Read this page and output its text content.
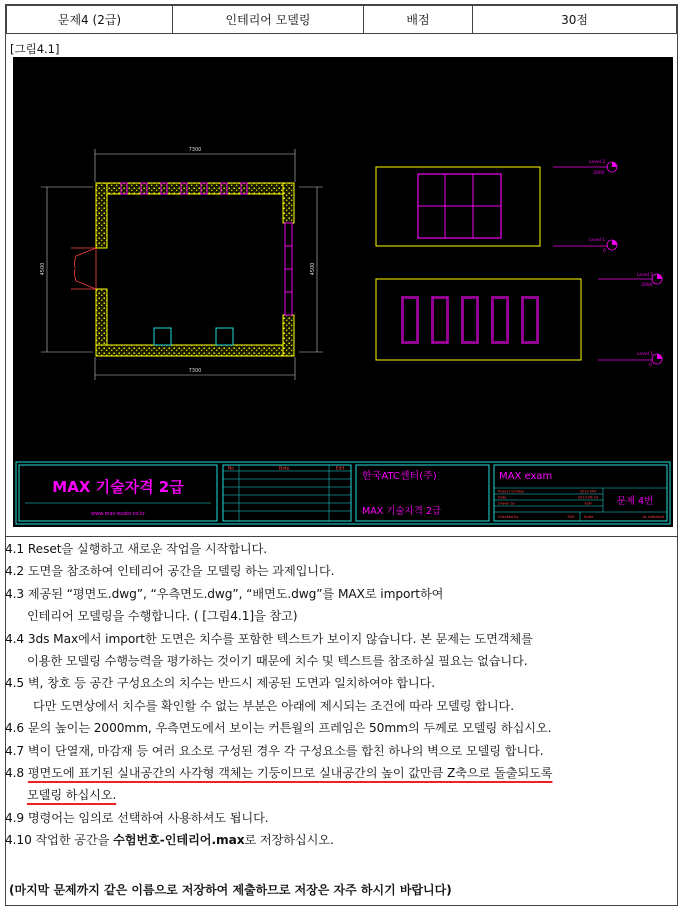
문제4 (2급)	인테리어 모델링	배점	30점
[그림4.1]
7300
7300
4500	4500
Level 2
3000
Level 1
0
Level 2
3000
Level 1
0
MAX 기술자격 2급
www.max-exato.co.kr
No	Date	Edit
한국ATC센터(주)
MAX 기술자격 2급
MAX exam
Project number	2013-004
Date	2013-06-10
Drawn by	ESH
Checked by	SSH	Scale	As indicated
문제 4번

4.1 Reset을 실행하고 새로운 작업을 시작합니다.

4.2 도면을 참조하여 인테리어 공간을 모델링 하는 과제입니다.

4.3 제공된 “평면도.dwg”, “우측면도.dwg”, “배면도.dwg”를 MAX로 import하여

인테리어 모델링을 수행합니다. ( [그림4.1]을 참고)

4.4 3ds Max에서 import한 도면은 치수를 포함한 텍스트가 보이지 않습니다. 본 문제는 도면객체를

이용한 모델링 수행능력을 평가하는 것이기 때문에 치수 및 텍스트를 참조하실 필요는 없습니다.

4.5 벽, 창호 등 공간 구성요소의 치수는 반드시 제공된 도면과 일치하여야 합니다.

다만 도면상에서 치수를 확인할 수 없는 부분은 아래에 제시되는 조건에 따라 모델링 합니다.

4.6 문의 높이는 2000mm, 우측면도에서 보이는 커튼월의 프레임은 50mm의 두께로 모델링 하십시오.

4.7 벽이 단열재, 마감재 등 여러 요소로 구성된 경우 각 구성요소를 합친 하나의 벽으로 모델링 합니다.

4.8 평면도에 표기된 실내공간의 사각형 객체는 기둥이므로 실내공간의 높이 값만큼 Z축으로 돌출되도록

모델링 하십시오.

4.9 명령어는 임의로 선택하여 사용하셔도 됩니다.

4.10 작업한 공간을 수험번호-인테리어.max로 저장하십시오.

(마지막 문제까지 같은 이름으로 저장하여 제출하므로 저장은 자주 하시기 바랍니다)
